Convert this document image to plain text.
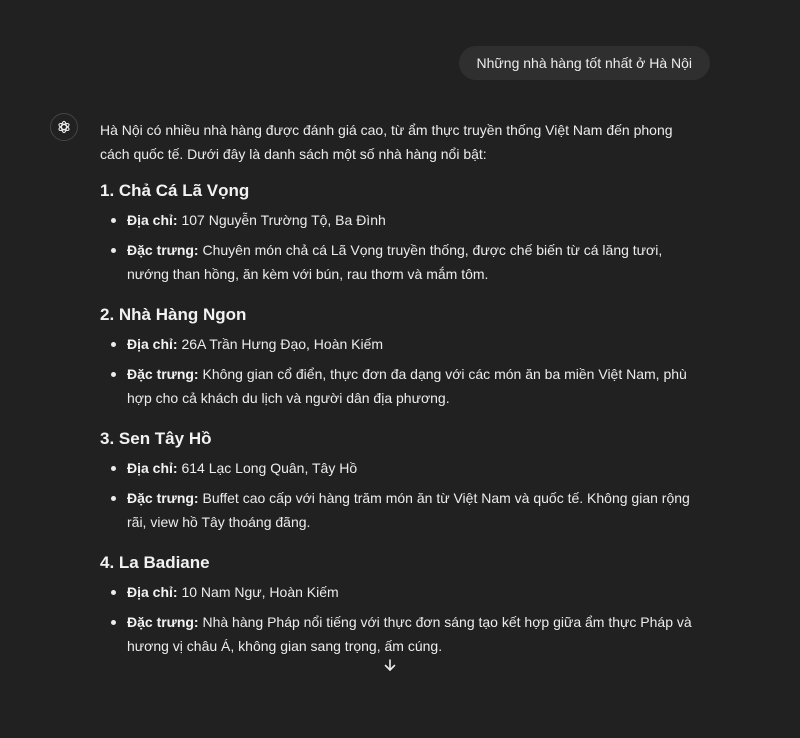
Những nhà hàng tốt nhất ở Hà Nội

Hà Nội có nhiều nhà hàng được đánh giá cao, từ ẩm thực truyền thống Việt Nam đến phong cách quốc tế. Dưới đây là danh sách một số nhà hàng nổi bật:

1. Chả Cá Lã Vọng
Địa chỉ: 107 Nguyễn Trường Tộ, Ba Đình
Đặc trưng: Chuyên món chả cá Lã Vọng truyền thống, được chế biến từ cá lăng tươi, nướng than hồng, ăn kèm với bún, rau thơm và mắm tôm.
2. Nhà Hàng Ngon
Địa chỉ: 26A Trần Hưng Đạo, Hoàn Kiếm
Đặc trưng: Không gian cổ điển, thực đơn đa dạng với các món ăn ba miền Việt Nam, phù hợp cho cả khách du lịch và người dân địa phương.
3. Sen Tây Hồ
Địa chỉ: 614 Lạc Long Quân, Tây Hồ
Đặc trưng: Buffet cao cấp với hàng trăm món ăn từ Việt Nam và quốc tế. Không gian rộng rãi, view hồ Tây thoáng đãng.
4. La Badiane
Địa chỉ: 10 Nam Ngư, Hoàn Kiếm
Đặc trưng: Nhà hàng Pháp nổi tiếng với thực đơn sáng tạo kết hợp giữa ẩm thực Pháp và hương vị châu Á, không gian sang trọng, ấm cúng.
